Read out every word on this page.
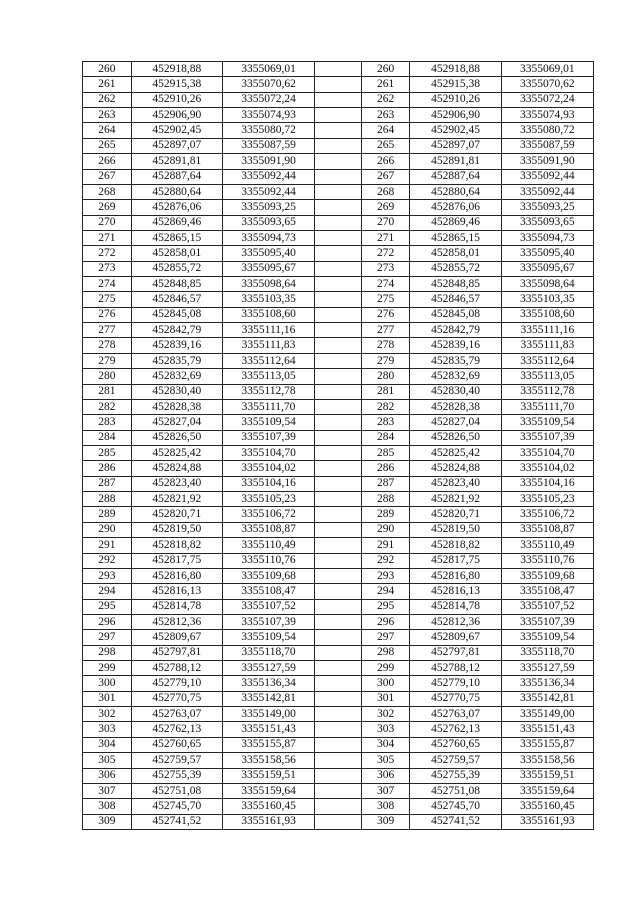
260	452918,88	3355069,01		260	452918,88	3355069,01
261	452915,38	3355070,62		261	452915,38	3355070,62
262	452910,26	3355072,24		262	452910,26	3355072,24
263	452906,90	3355074,93		263	452906,90	3355074,93
264	452902,45	3355080,72		264	452902,45	3355080,72
265	452897,07	3355087,59		265	452897,07	3355087,59
266	452891,81	3355091,90		266	452891,81	3355091,90
267	452887,64	3355092,44		267	452887,64	3355092,44
268	452880,64	3355092,44		268	452880,64	3355092,44
269	452876,06	3355093,25		269	452876,06	3355093,25
270	452869,46	3355093,65		270	452869,46	3355093,65
271	452865,15	3355094,73		271	452865,15	3355094,73
272	452858,01	3355095,40		272	452858,01	3355095,40
273	452855,72	3355095,67		273	452855,72	3355095,67
274	452848,85	3355098,64		274	452848,85	3355098,64
275	452846,57	3355103,35		275	452846,57	3355103,35
276	452845,08	3355108,60		276	452845,08	3355108,60
277	452842,79	3355111,16		277	452842,79	3355111,16
278	452839,16	3355111,83		278	452839,16	3355111,83
279	452835,79	3355112,64		279	452835,79	3355112,64
280	452832,69	3355113,05		280	452832,69	3355113,05
281	452830,40	3355112,78		281	452830,40	3355112,78
282	452828,38	3355111,70		282	452828,38	3355111,70
283	452827,04	3355109,54		283	452827,04	3355109,54
284	452826,50	3355107,39		284	452826,50	3355107,39
285	452825,42	3355104,70		285	452825,42	3355104,70
286	452824,88	3355104,02		286	452824,88	3355104,02
287	452823,40	3355104,16		287	452823,40	3355104,16
288	452821,92	3355105,23		288	452821,92	3355105,23
289	452820,71	3355106,72		289	452820,71	3355106,72
290	452819,50	3355108,87		290	452819,50	3355108,87
291	452818,82	3355110,49		291	452818,82	3355110,49
292	452817,75	3355110,76		292	452817,75	3355110,76
293	452816,80	3355109,68		293	452816,80	3355109,68
294	452816,13	3355108,47		294	452816,13	3355108,47
295	452814,78	3355107,52		295	452814,78	3355107,52
296	452812,36	3355107,39		296	452812,36	3355107,39
297	452809,67	3355109,54		297	452809,67	3355109,54
298	452797,81	3355118,70		298	452797,81	3355118,70
299	452788,12	3355127,59		299	452788,12	3355127,59
300	452779,10	3355136,34		300	452779,10	3355136,34
301	452770,75	3355142,81		301	452770,75	3355142,81
302	452763,07	3355149,00		302	452763,07	3355149,00
303	452762,13	3355151,43		303	452762,13	3355151,43
304	452760,65	3355155,87		304	452760,65	3355155,87
305	452759,57	3355158,56		305	452759,57	3355158,56
306	452755,39	3355159,51		306	452755,39	3355159,51
307	452751,08	3355159,64		307	452751,08	3355159,64
308	452745,70	3355160,45		308	452745,70	3355160,45
309	452741,52	3355161,93		309	452741,52	3355161,93
